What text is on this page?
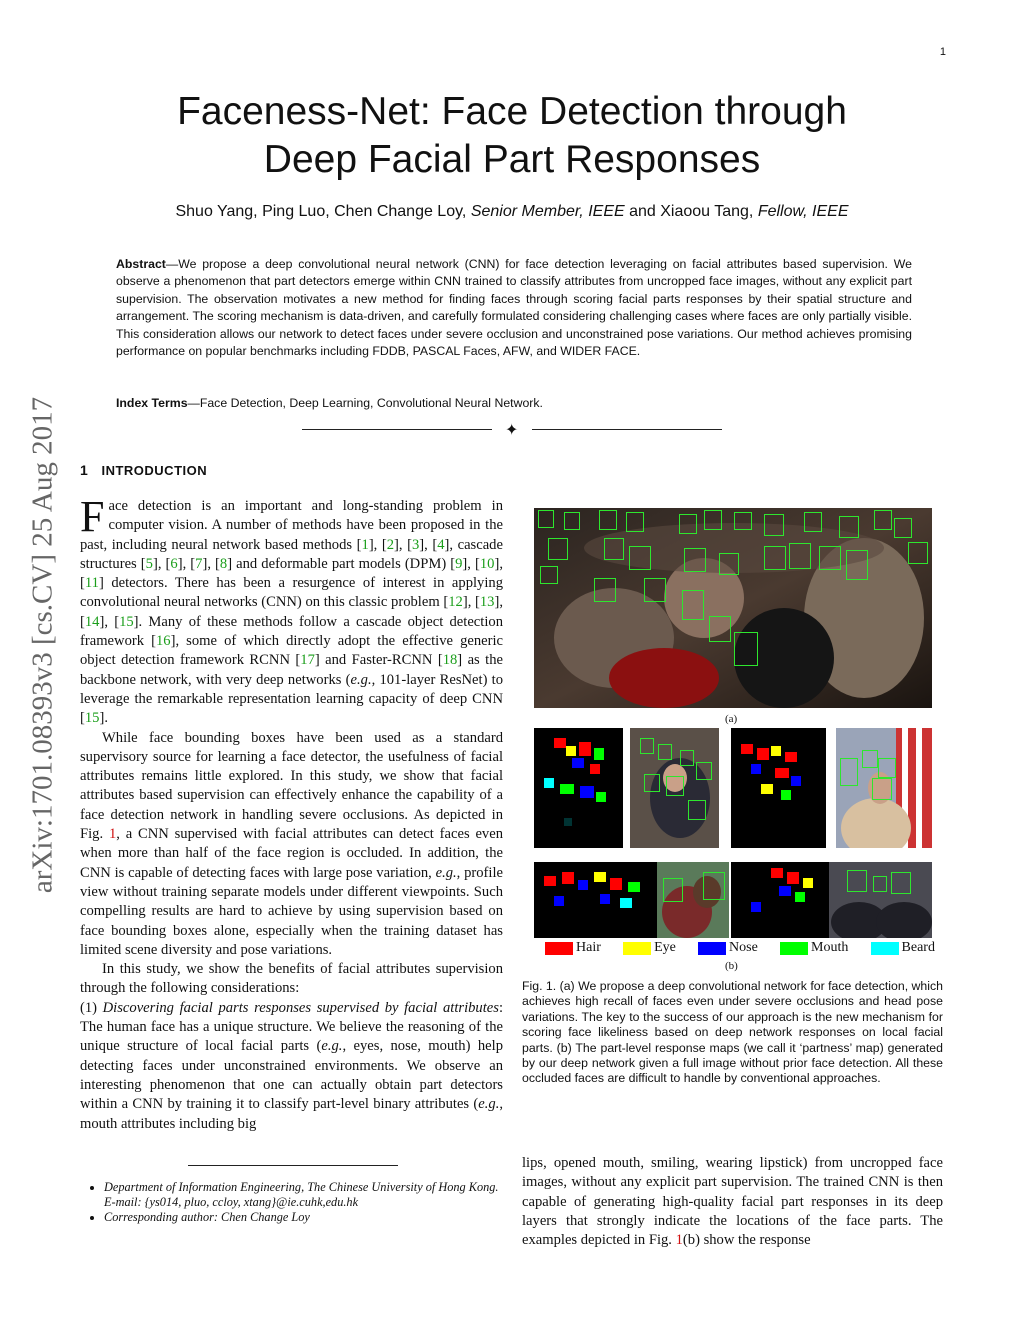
1
Faceness-Net: Face Detection through
Deep Facial Part Responses
Shuo Yang, Ping Luo, Chen Change Loy, Senior Member, IEEE and Xiaoou Tang, Fellow, IEEE
Abstract—We propose a deep convolutional neural network (CNN) for face detection leveraging on facial attributes based supervision. We observe a phenomenon that part detectors emerge within CNN trained to classify attributes from uncropped face images, without any explicit part supervision. The observation motivates a new method for finding faces through scoring facial parts responses by their spatial structure and arrangement. The scoring mechanism is data-driven, and carefully formulated considering challenging cases where faces are only partially visible. This consideration allows our network to detect faces under severe occlusion and unconstrained pose variations. Our method achieves promising performance on popular benchmarks including FDDB, PASCAL Faces, AFW, and WIDER FACE.
Index Terms—Face Detection, Deep Learning, Convolutional Neural Network.
✦
arXiv:1701.08393v3 [cs.CV] 25 Aug 2017 1 INTRODUCTION

Face detection is an important and long-standing problem in computer vision. A number of methods have been proposed in the past, including neural network based methods [1], [2], [3], [4], cascade structures [5], [6], [7], [8] and deformable part models (DPM) [9], [10], [11] detectors. There has been a resurgence of interest in applying convolutional neural networks (CNN) on this classic problem [12], [13], [14], [15]. Many of these methods follow a cascade object detection framework [16], some of which directly adopt the effective generic object detection framework RCNN [17] and Faster-RCNN [18] as the backbone network, with very deep networks (e.g., 101-layer ResNet) to leverage the remarkable representation learning capacity of deep CNN [15].

While face bounding boxes have been used as a standard supervisory source for learning a face detector, the usefulness of facial attributes remains little explored. In this study, we show that facial attributes based supervision can effectively enhance the capability of a face detection network in handling severe occlusions. As depicted in Fig. 1, a CNN supervised with facial attributes can detect faces even when more than half of the face region is occluded. In addition, the CNN is capable of detecting faces with large pose variation, e.g., profile view without training separate models under different viewpoints. Such compelling results are hard to achieve by using supervision based on face bounding boxes alone, especially when the training dataset has limited scene diversity and pose variations.

In this study, we show the benefits of facial attributes supervision through the following considerations:

(1) Discovering facial parts responses supervised by facial attributes: The human face has a unique structure. We believe the reasoning of the unique structure of local facial parts (e.g., eyes, nose, mouth) help detecting faces under unconstrained environments. We observe an interesting phenomenon that one can actually obtain part detectors within a CNN by training it to classify part-level binary attributes (e.g., mouth attributes including big

• Department of Information Engineering, The Chinese University of Hong Kong.
E-mail: {ys014, pluo, ccloy, xtang}@ie.cuhk,edu.hk
• Corresponding author: Chen Change Loy
(a)
Hair	Eye	Nose	Mouth	Beard
(b)
Fig. 1. (a) We propose a deep convolutional network for face detection, which achieves high recall of faces even under severe occlusions and head pose variations. The key to the success of our approach is the new mechanism for scoring face likeliness based on deep network responses on local facial parts. (b) The part-level response maps (we call it ‘partness’ map) generated by our deep network given a full image without prior face detection. All these occluded faces are difficult to handle by conventional approaches.

lips, opened mouth, smiling, wearing lipstick) from uncropped face images, without any explicit part supervision. The trained CNN is then capable of generating high-quality facial part responses in its deep layers that strongly indicate the locations of the face parts. The examples depicted in Fig. 1(b) show the response
